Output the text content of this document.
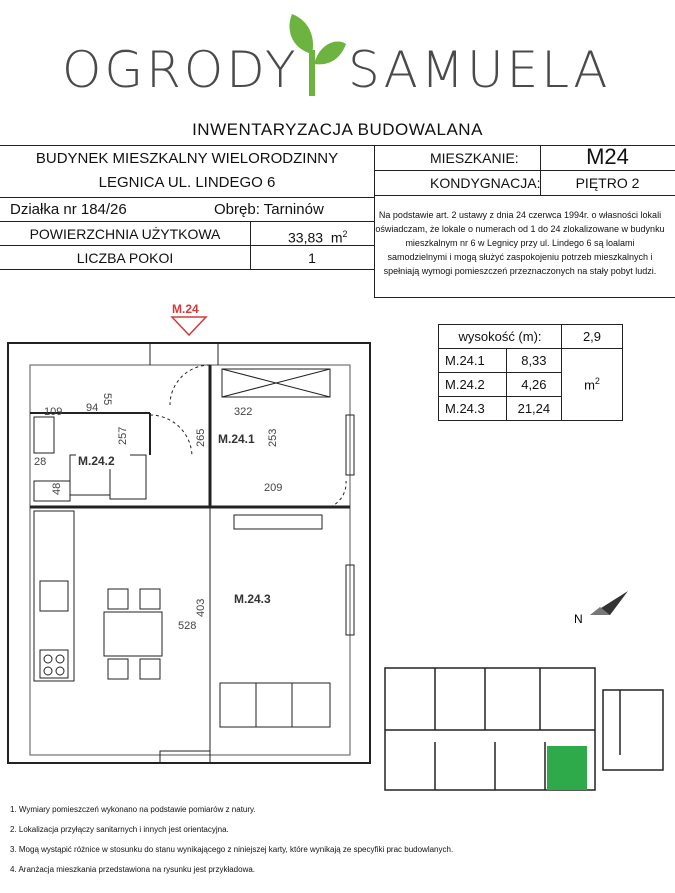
OGRODY SAMUELA
INWENTARYZACJA BUDOWALANA
BUDYNEK MIESZKALNY WIELORODZINNY
LEGNICA UL. LINDEGO 6
Działka nr 184/26	Obręb: Tarninów
POWIERZCHNIA UŻYTKOWA	33,83 $m^2$
LICZBA POKOI	1
MIESZKANIE:	M24
KONDYGNACJA:	PIĘTRO 2
Na podstawie art. 2 ustawy z dnia 24 czerwca 1994r. o własności lokali oświadczam, że lokale o numerach od 1 do 24 zlokalizowane w budynku mieszkalnym nr 6 w Legnicy przy ul. Lindego 6 są loalami samodzielnymi i mogą służyć zaspokojeniu potrzeb mieszkalnych i spełniają wymogi pomieszczeń przeznaczonych na stały pobyt ludzi.
wysokość (m):		2,9
M.24.1	8,33	$m^2$
M.24.2	4,26	
M.24.3	21,24	
M.24
M.24.1
M.24.2
M.24.3
109 94
55
257	265	253
322
209
28
48
403
528	N
1. Wymiary pomieszczeń wykonano na podstawie pomiarów z natury.
2. Lokalizacja przyłączy sanitarnych i innych jest orientacyjna.
3. Mogą wystąpić różnice w stosunku do stanu wynikającego z niniejszej karty, które wynikają ze specyfiki prac budowlanych.
4. Aranżacja mieszkania przedstawiona na rysunku jest przykładowa.
